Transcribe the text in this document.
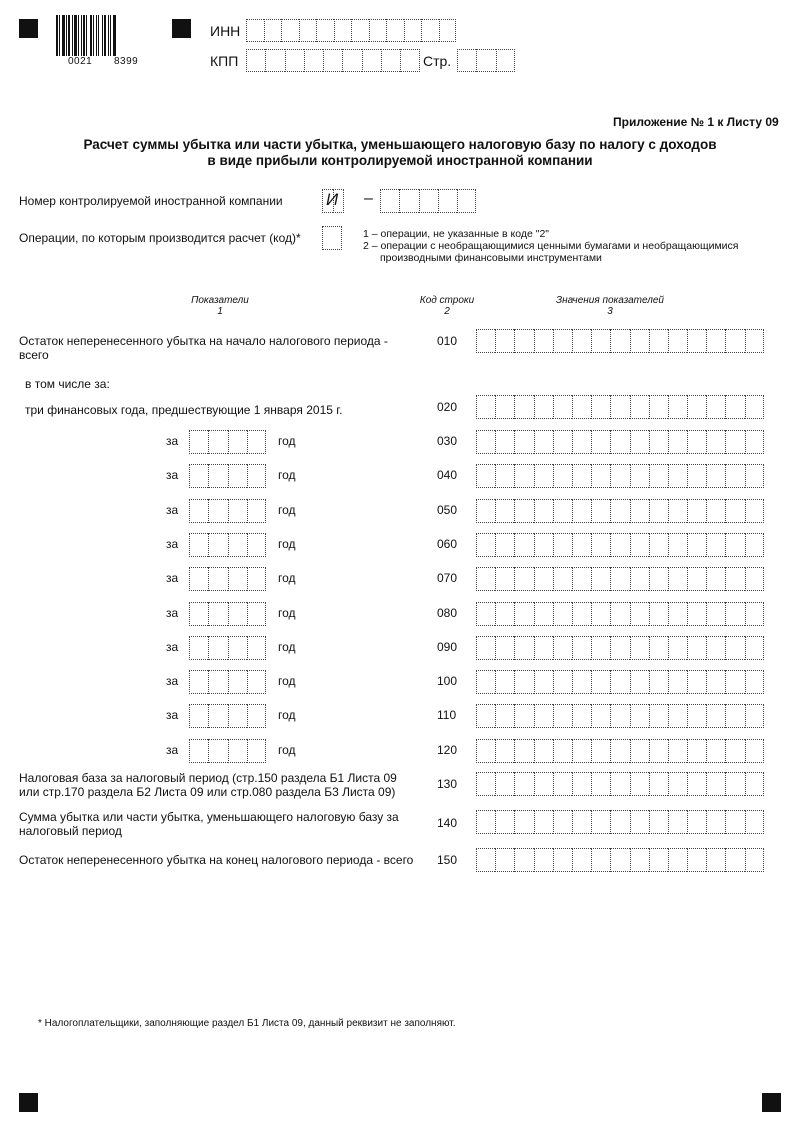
0021 8399
ИНН
КПП	Стр.
Приложение № 1 к Листу 09
Расчет суммы убытка или части убытка, уменьшающего налоговую базу по налогу с доходов
в виде прибыли контролируемой иностранной компании
Номер контролируемой иностранной компании	И –
Операции, по которым производится расчет (код)*	1 – операции, не указанные в коде "2"
2 – операции с необращающимися ценными бумагами и необращающимися
производными финансовыми инструментами
Показатели
1
Код строки
2
Значения показателей
3
Остаток неперенесенного убытка на начало налогового периода -
всего
010
в том числе за:
три финансовых года, предшествующие 1 января 2015 г.	020
за	год	030
за	год	040
за	год	050
за	год	060
за	год	070
за	год	080
за	год	090
за	год	100
за	год	110
за	год	120
Налоговая база за налоговый период (стр.150 раздела Б1 Листа 09
или стр.170 раздела Б2 Листа 09 или стр.080 раздела Б3 Листа 09)
130
Сумма убытка или части убытка, уменьшающего налоговую базу за
налоговый период
140
Остаток неперенесенного убытка на конец налогового периода - всего 150
* Налогоплательщики, заполняющие раздел Б1 Листа 09, данный реквизит не заполняют.
